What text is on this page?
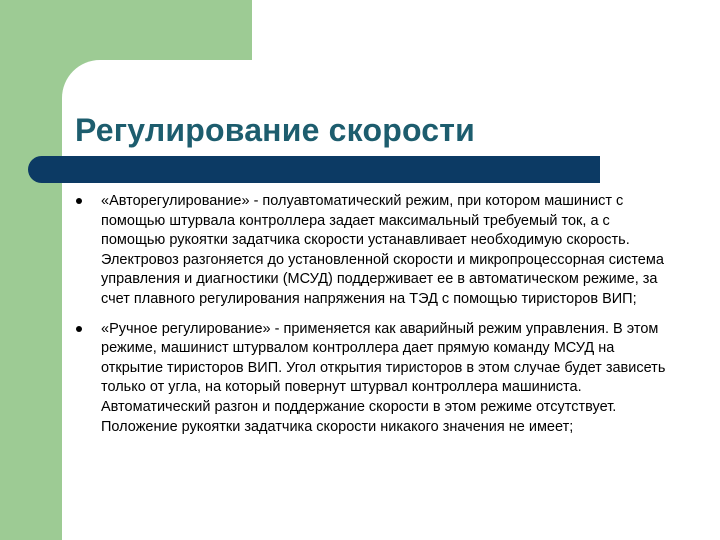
Регулирование скорости
«Авторегулирование» - полуавтоматический режим, при котором машинист с помощью штурвала контроллера задает максимальный требуемый ток, а с помощью рукоятки задатчика скорости устанавливает необходимую скорость. Электровоз разгоняется до установленной скорости и микропроцессорная система управления и диагностики (МСУД) поддерживает ее в автоматическом режиме, за счет плавного регулирования напряжения на ТЭД с помощью тиристоров ВИП;
«Ручное регулирование» - применяется как аварийный режим управления. В этом режиме, машинист штурвалом контроллера дает прямую команду МСУД на открытие тиристоров ВИП. Угол открытия тиристоров в этом случае будет зависеть только от угла, на который повернут штурвал контроллера машиниста. Автоматический разгон и поддержание скорости в этом режиме отсутствует. Положение рукоятки задатчика скорости никакого значения не имеет;
